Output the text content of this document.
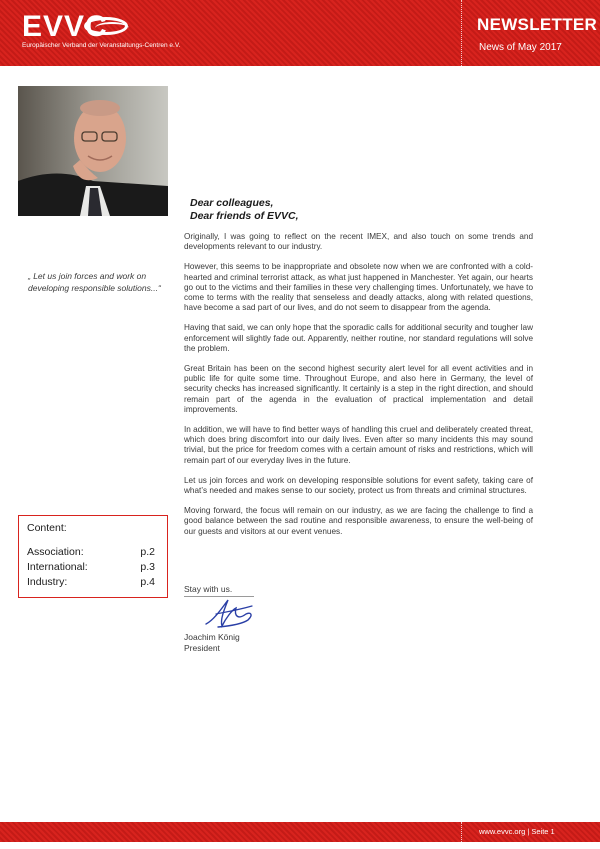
EVVC
Europäischer Verband der Veranstaltungs-Centren e.V.
NEWSLETTER
News of May 2017
„ Let us join forces and work on developing responsible solutions...“
Content:
Association:	p.2
International:	p.3
Industry:	p.4
Dear colleagues,
Dear friends of EVVC,

Originally, I was going to reflect on the recent IMEX, and also touch on some trends and developments relevant to our industry.

However, this seems to be inappropriate and obsolete now when we are confronted with a cold-hearted and criminal terrorist attack, as what just happened in Manchester. Yet again, our hearts go out to the victims and their families in these very challenging times. Unfortunately, we have to come to terms with the reality that senseless and deadly attacks, along with related questions, have become a sad part of our lives, and do not seem to disappear from the agenda.

Having that said, we can only hope that the sporadic calls for additional security and tougher law enforcement will slightly fade out. Apparently, neither routine, nor standard regulations will solve the problem.

Great Britain has been on the second highest security alert level for all event activities and in public life for quite some time. Throughout Europe, and also here in Germany, the level of security checks has increased significantly. It certainly is a step in the right direction, and should remain part of the agenda in the evaluation of practical implementation and detail improvements.

In addition, we will have to find better ways of handling this cruel and deliberately created threat, which does bring discomfort into our daily lives. Even after so many incidents this may sound trivial, but the price for freedom comes with a certain amount of risks and restrictions, which will remain part of our everyday lives in the future.

Let us join forces and work on developing responsible solutions for event safety, taking care of what’s needed and makes sense to our society, protect us from threats and criminal structures.

Moving forward, the focus will remain on our industry, as we are facing the challenge to find a good balance between the sad routine and responsible awareness, to ensure the well-being of our guests and visitors at our event venues.

Stay with us.
Joachim König
President
www.evvc.org | Seite 1
